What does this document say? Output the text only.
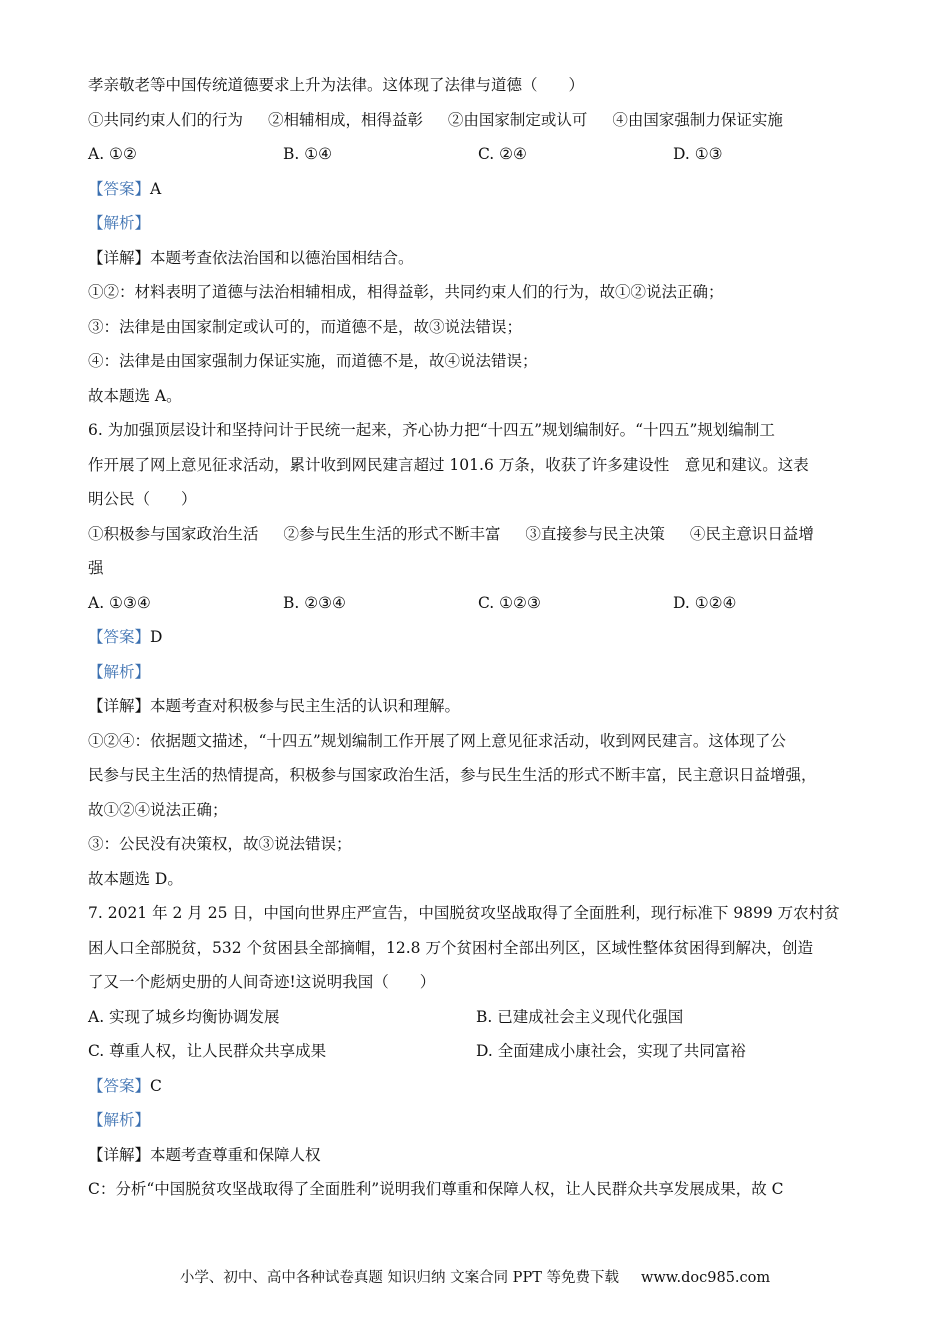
孝亲敬老等中国传统道德要求上升为法律。这体现了法律与道德（　　）
①共同约束人们的行为 ②相辅相成，相得益彰 ②由国家制定或认可 ④由国家强制力保证实施
A. ①②	B. ①④	C. ②④	D. ①③
【答案】A
【解析】
【详解】本题考查依法治国和以德治国相结合。
①②：材料表明了道德与法治相辅相成，相得益彰，共同约束人们的行为，故①②说法正确；
③：法律是由国家制定或认可的，而道德不是，故③说法错误；
④：法律是由国家强制力保证实施，而道德不是，故④说法错误；
故本题选 A。
6. 为加强顶层设计和坚持问计于民统一起来，齐心协力把“十四五”规划编制好。“十四五”规划编制工
作开展了网上意见征求活动，累计收到网民建言超过 101.6 万条，收获了许多建设性　意见和建议。这表
明公民（　　）
①积极参与国家政治生活 ②参与民生生活的形式不断丰富 ③直接参与民主决策 ④民主意识日益增
强
A. ①③④	B. ②③④	C. ①②③	D. ①②④
【答案】D
【解析】
【详解】本题考查对积极参与民主生活的认识和理解。
①②④：依据题文描述，“十四五”规划编制工作开展了网上意见征求活动，收到网民建言。这体现了公
民参与民主生活的热情提高，积极参与国家政治生活，参与民生生活的形式不断丰富，民主意识日益增强，
故①②④说法正确；
③：公民没有决策权，故③说法错误；
故本题选 D。
7. 2021 年 2 月 25 日，中国向世界庄严宣告，中国脱贫攻坚战取得了全面胜利，现行标准下 9899 万农村贫
困人口全部脱贫，532 个贫困县全部摘帽，12.8 万个贫困村全部出列区，区域性整体贫困得到解决，创造
了又一个彪炳史册的人间奇迹!这说明我国（　　）
A. 实现了城乡均衡协调发展	B. 已建成社会主义现代化强国
C. 尊重人权，让人民群众共享成果	D. 全面建成小康社会，实现了共同富裕
【答案】C
【解析】
【详解】本题考查尊重和保障人权
C：分析“中国脱贫攻坚战取得了全面胜利”说明我们尊重和保障人权，让人民群众共享发展成果，故 C
小学、初中、高中各种试卷真题 知识归纳 文案合同 PPT 等免费下载 www.doc985.com
